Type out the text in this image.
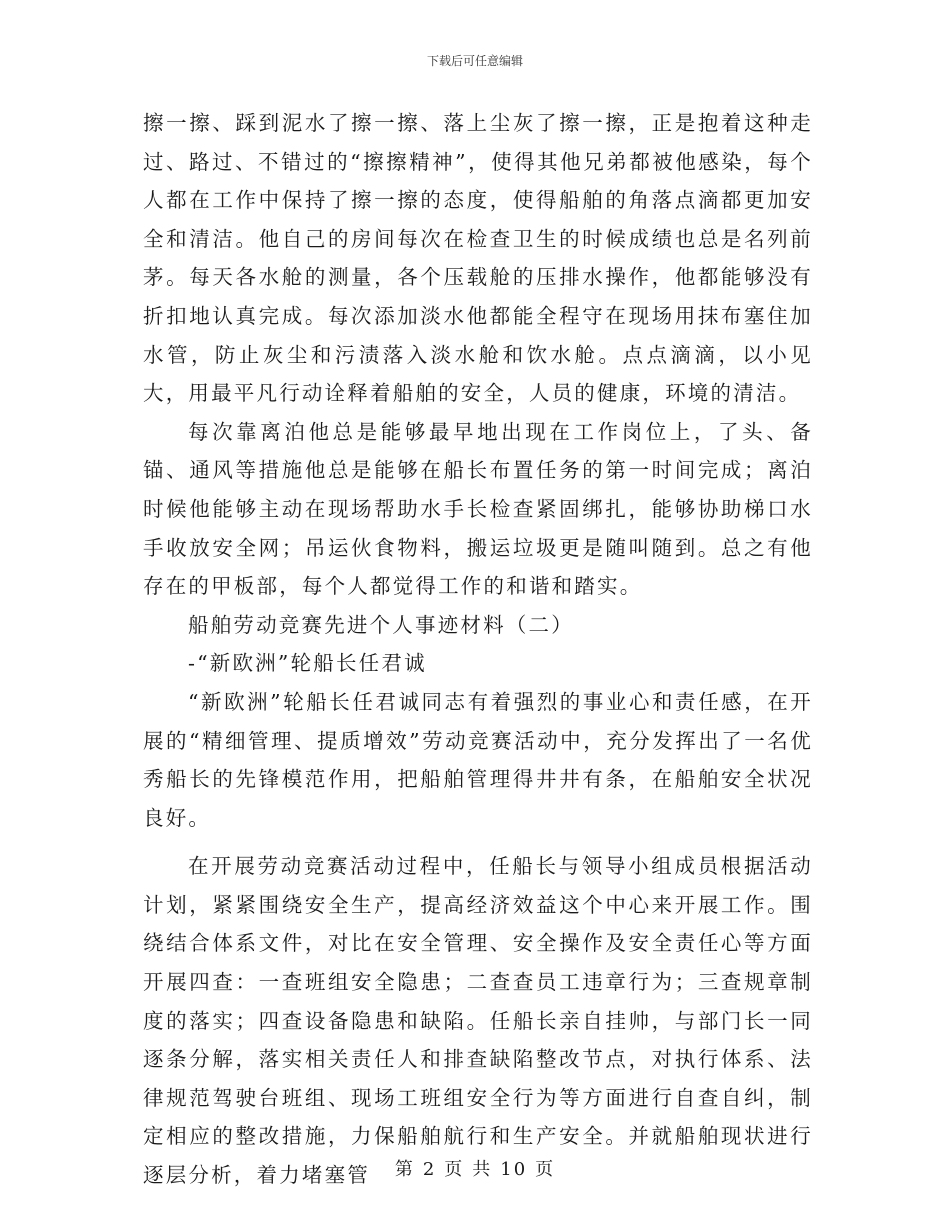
下载后可任意编辑

擦一擦、踩到泥水了擦一擦、落上尘灰了擦一擦，正是抱着这种走过、路过、不错过的“擦擦精神”，使得其他兄弟都被他感染，每个人都在工作中保持了擦一擦的态度，使得船舶的角落点滴都更加安全和清洁。他自己的房间每次在检查卫生的时候成绩也总是名列前茅。每天各水舱的测量，各个压载舱的压排水操作，他都能够没有折扣地认真完成。每次添加淡水他都能全程守在现场用抹布塞住加水管，防止灰尘和污渍落入淡水舱和饮水舱。点点滴滴，以小见大，用最平凡行动诠释着船舶的安全，人员的健康，环境的清洁。

每次靠离泊他总是能够最早地出现在工作岗位上，了头、备锚、通风等措施他总是能够在船长布置任务的第一时间完成；离泊时候他能够主动在现场帮助水手长检查紧固绑扎，能够协助梯口水手收放安全网；吊运伙食物料，搬运垃圾更是随叫随到。总之有他存在的甲板部，每个人都觉得工作的和谐和踏实。

船舶劳动竞赛先进个人事迹材料（二）

-“新欧洲”轮船长任君诚

“新欧洲”轮船长任君诚同志有着强烈的事业心和责任感，在开展的“精细管理、提质增效”劳动竞赛活动中，充分发挥出了一名优秀船长的先锋模范作用，把船舶管理得井井有条，在船舶安全状况良好。

在开展劳动竞赛活动过程中，任船长与领导小组成员根据活动计划，紧紧围绕安全生产，提高经济效益这个中心来开展工作。围绕结合体系文件，对比在安全管理、安全操作及安全责任心等方面开展四查：一查班组安全隐患；二查查员工违章行为；三查规章制度的落实；四查设备隐患和缺陷。任船长亲自挂帅，与部门长一同逐条分解，落实相关责任人和排查缺陷整改节点，对执行体系、法律规范驾驶台班组、现场工班组安全行为等方面进行自查自纠，制定相应的整改措施，力保船舶航行和生产安全。并就船舶现状进行逐层分析，着力堵塞管	第 2 页 共 10 页
